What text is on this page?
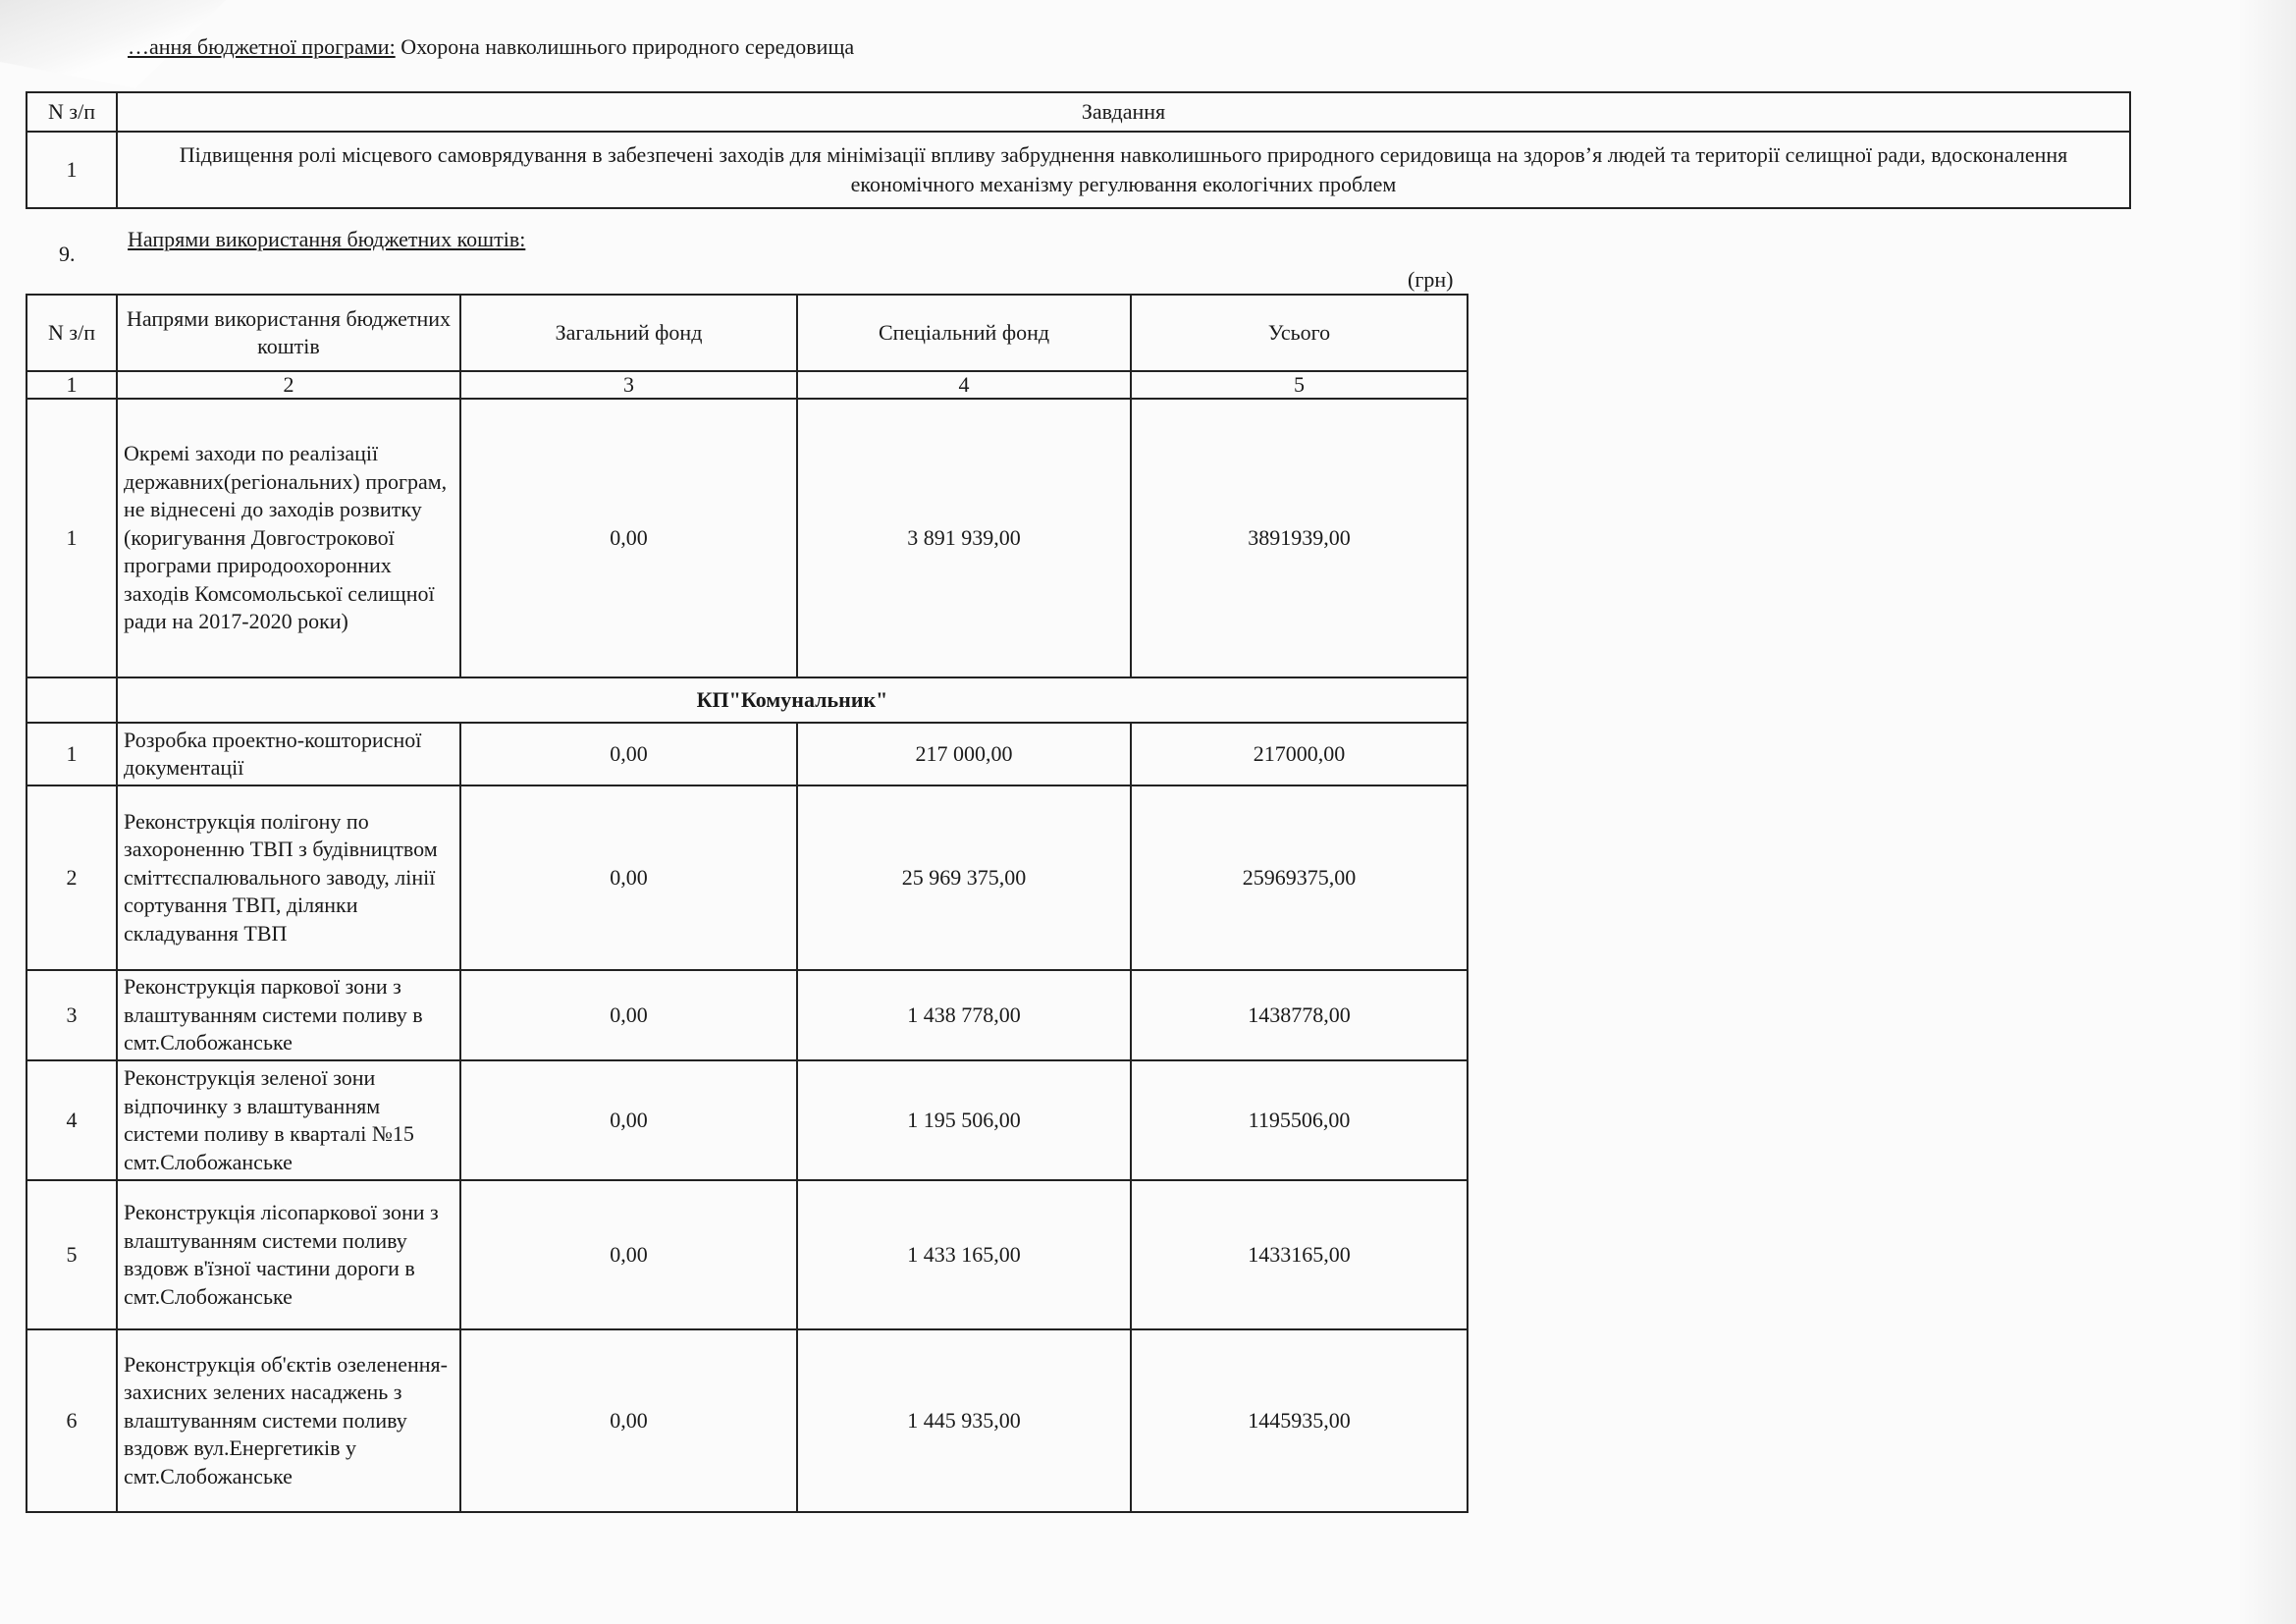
…ання бюджетної програми: Охорона навколишнього природного середовища
N з/п	Завдання
1	Підвищення ролі місцевого самоврядування в забезпечені заходів для мінімізації впливу забруднення навколишнього природного серидовища на здоров’я людей та території селищної ради, вдосконалення економічного механізму регулювання екологічних проблем
9.
Напрями використання бюджетних коштів:
(грн)
N з/п	Напрями використання бюджетних коштів	Загальний фонд	Спеціальний фонд	Усього
1	2	3	4	5
1	Окремі заходи по реалізації державних(регіональних) програм, не віднесені до заходів розвитку (коригування Довгострокової програми природоохоронних заходів Комсомольської селищної ради на 2017-2020 роки)	0,00	3 891 939,00	3891939,00
	КП"Комунальник"			
1	Розробка проектно-кошторисної документації	0,00	217 000,00	217000,00
2	Реконструкція полігону по захороненню ТВП з будівництвом сміттєспалювального заводу, лінії сортування ТВП, ділянки складування ТВП	0,00	25 969 375,00	25969375,00
3	Реконструкція паркової зони з влаштуванням системи поливу в смт.Слобожанське	0,00	1 438 778,00	1438778,00
4	Реконструкція зеленої зони відпочинку з влаштуванням системи поливу в кварталі №15 смт.Слобожанське	0,00	1 195 506,00	1195506,00
5	Реконструкція лісопаркової зони з влаштуванням системи поливу вздовж в'їзної частини дороги в смт.Слобожанське	0,00	1 433 165,00	1433165,00
6	Реконструкція об'єктів озеленення- захисних зелених насаджень з влаштуванням системи поливу вздовж вул.Енергетиків у смт.Слобожанське	0,00	1 445 935,00	1445935,00
